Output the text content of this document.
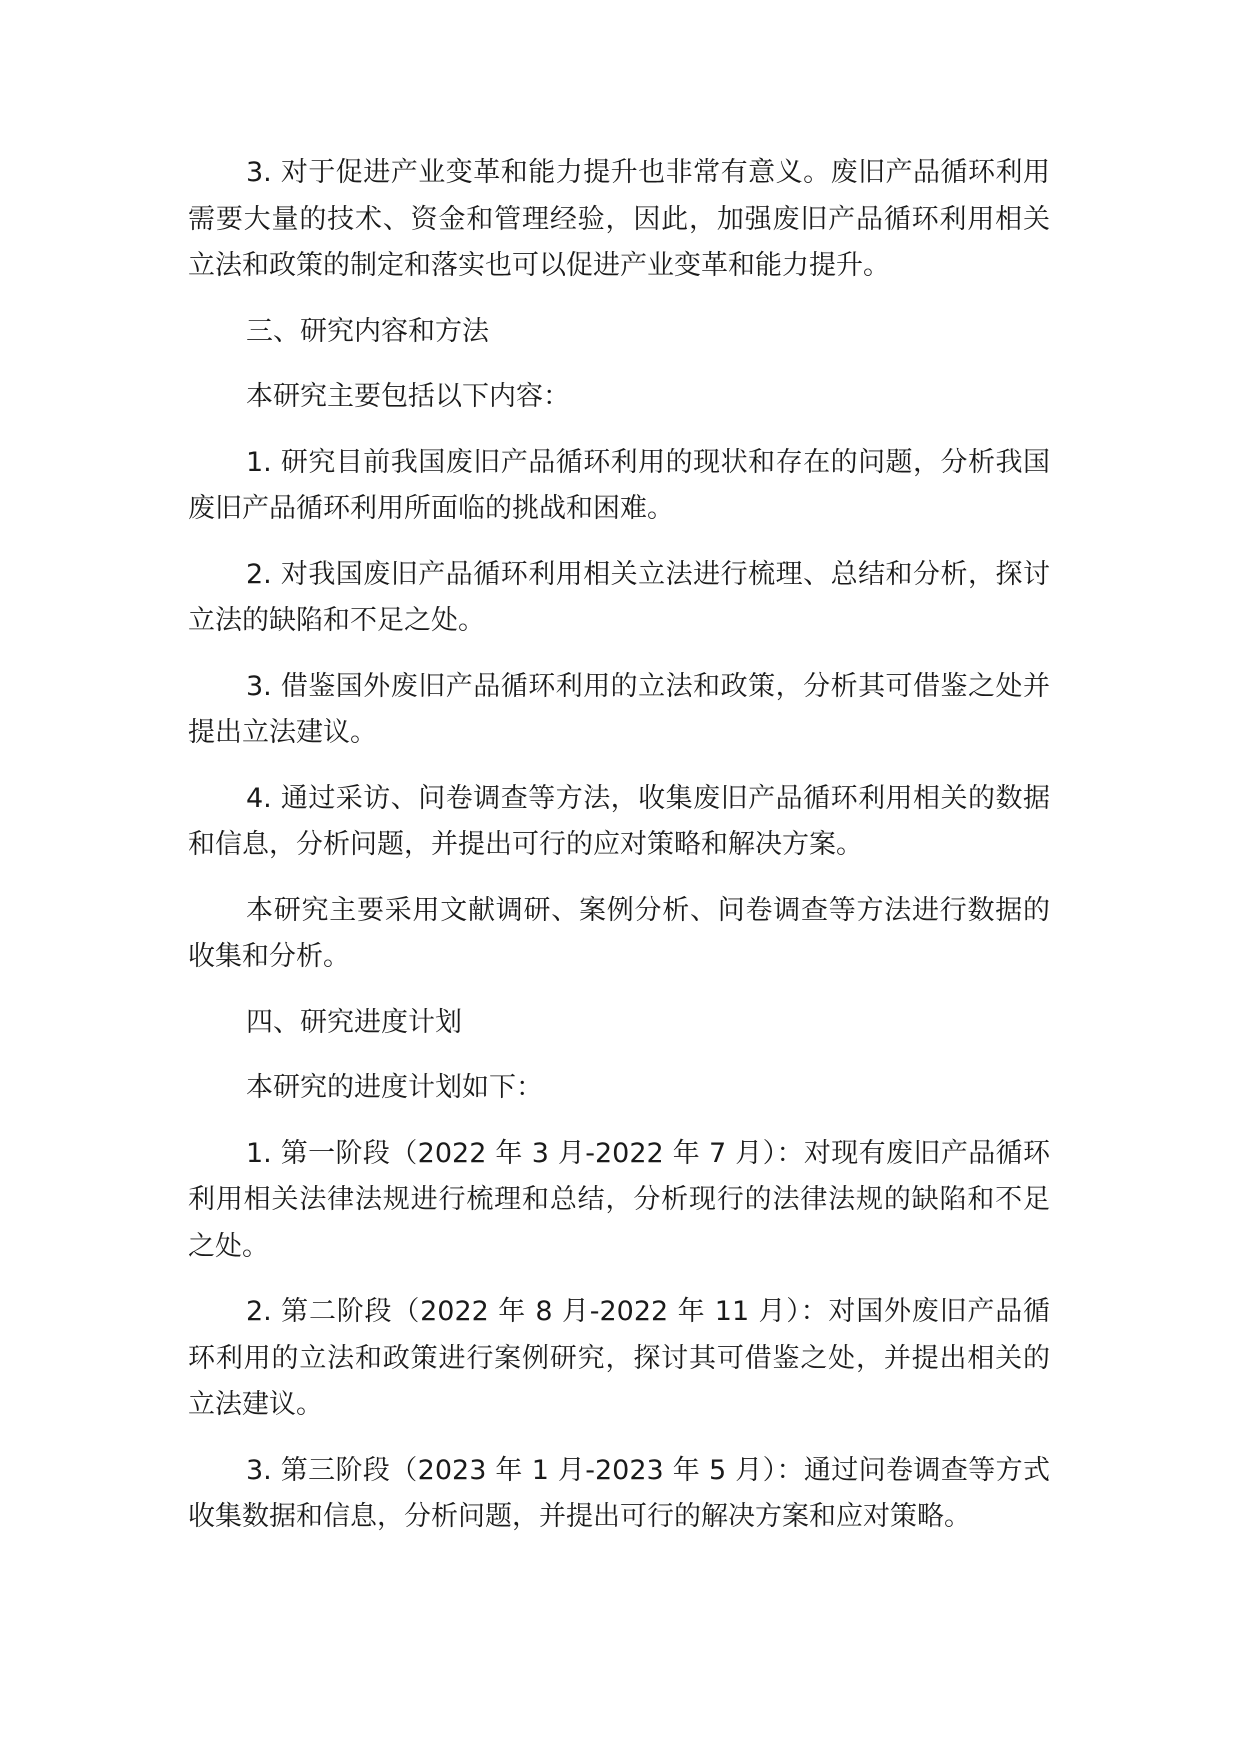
3. 对于促进产业变革和能力提升也非常有意义。废旧产品循环利用需要大量的技术、资金和管理经验，因此，加强废旧产品循环利用相关立法和政策的制定和落实也可以促进产业变革和能力提升。

三、研究内容和方法

本研究主要包括以下内容：

1. 研究目前我国废旧产品循环利用的现状和存在的问题，分析我国废旧产品循环利用所面临的挑战和困难。

2. 对我国废旧产品循环利用相关立法进行梳理、总结和分析，探讨立法的缺陷和不足之处。

3. 借鉴国外废旧产品循环利用的立法和政策，分析其可借鉴之处并提出立法建议。

4. 通过采访、问卷调查等方法，收集废旧产品循环利用相关的数据和信息，分析问题，并提出可行的应对策略和解决方案。

本研究主要采用文献调研、案例分析、问卷调查等方法进行数据的收集和分析。

四、研究进度计划

本研究的进度计划如下：

1. 第一阶段（2022 年 3 月-2022 年 7 月）：对现有废旧产品循环利用相关法律法规进行梳理和总结，分析现行的法律法规的缺陷和不足之处。

2. 第二阶段（2022 年 8 月-2022 年 11 月）：对国外废旧产品循环利用的立法和政策进行案例研究，探讨其可借鉴之处，并提出相关的立法建议。

3. 第三阶段（2023 年 1 月-2023 年 5 月）：通过问卷调查等方式收集数据和信息，分析问题，并提出可行的解决方案和应对策略。
